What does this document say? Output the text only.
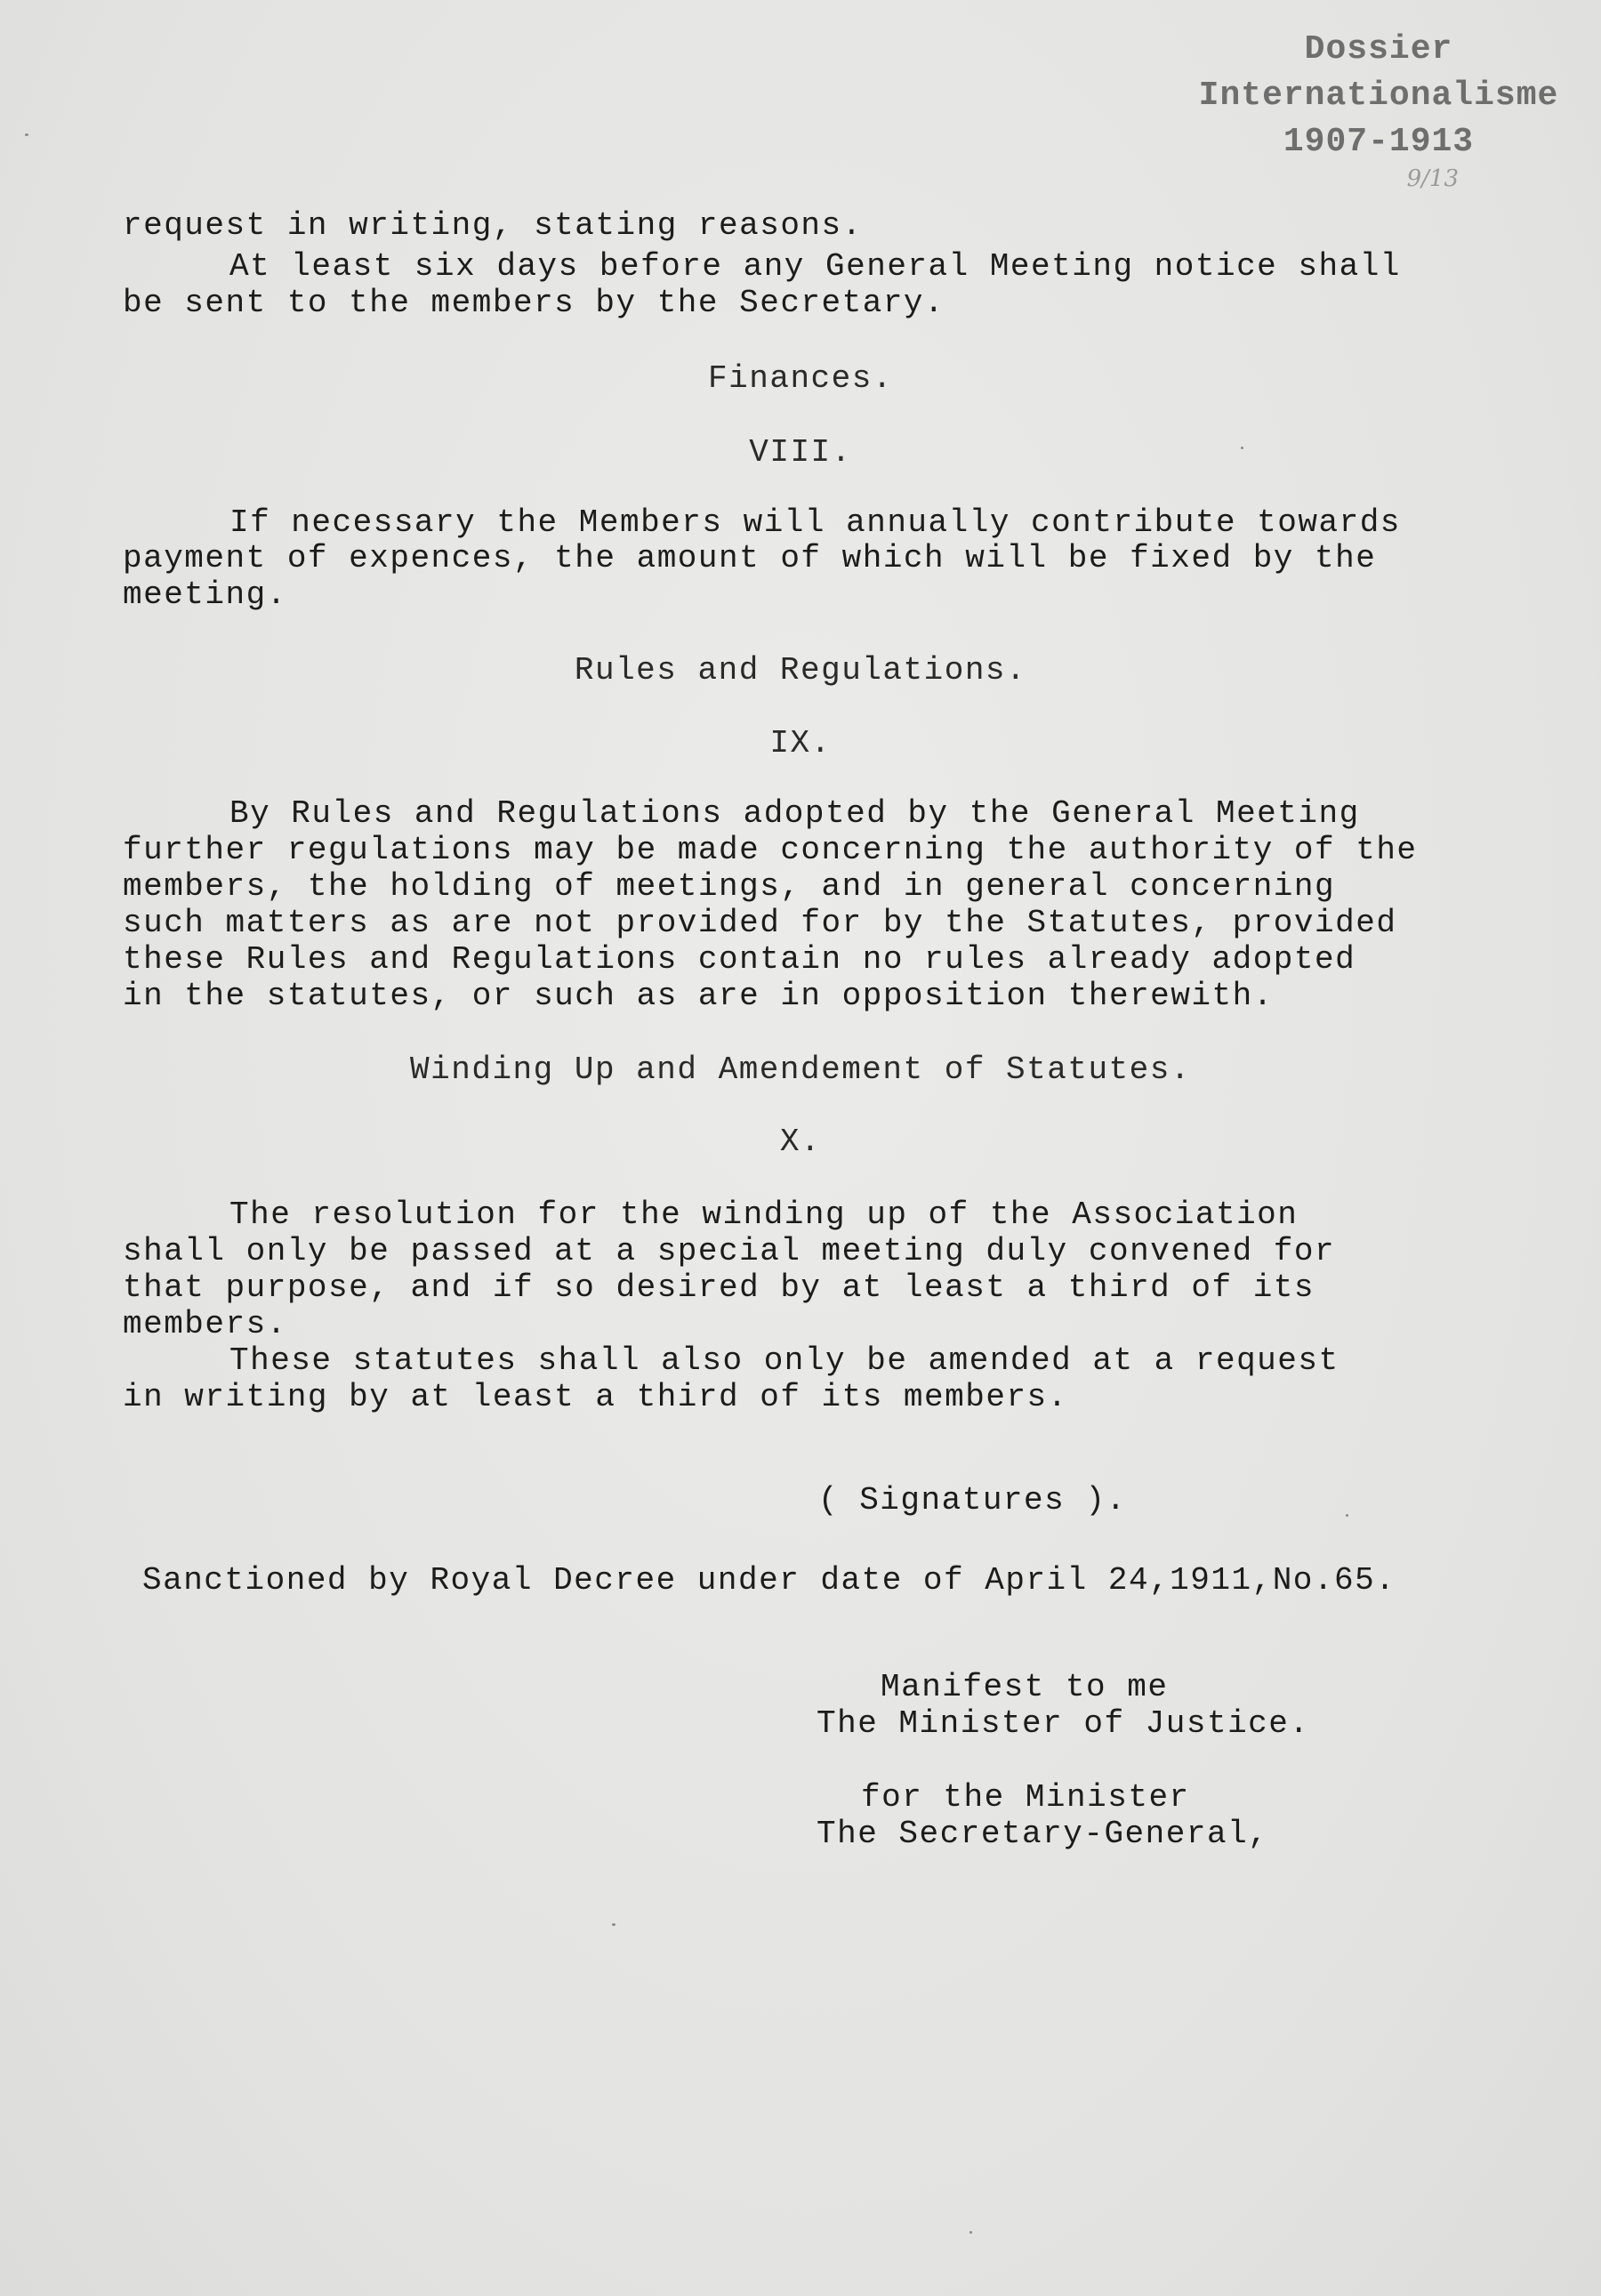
Dossier
Internationalisme
1907-1913
9/13
request in writing, stating reasons.
At least six days before any General Meeting notice shall
be sent to the members by the Secretary.
Finances.
VIII.
If necessary the Members will annually contribute towards
payment of expences, the amount of which will be fixed by the
meeting.
Rules and Regulations.
IX.
By Rules and Regulations adopted by the General Meeting
further regulations may be made concerning the authority of the
members, the holding of meetings, and in general concerning
such matters as are not provided for by the Statutes, provided
these Rules and Regulations contain no rules already adopted
in the statutes, or such as are in opposition therewith.
Winding Up and Amendement of Statutes.
X.
The resolution for the winding up of the Association
shall only be passed at a special meeting duly convened for
that purpose, and if so desired by at least a third of its
members.
These statutes shall also only be amended at a request
in writing by at least a third of its members.
( Signatures ).
Sanctioned by Royal Decree under date of April 24,1911,No.65.
Manifest to me
The Minister of Justice.
for the Minister
The Secretary-General,
